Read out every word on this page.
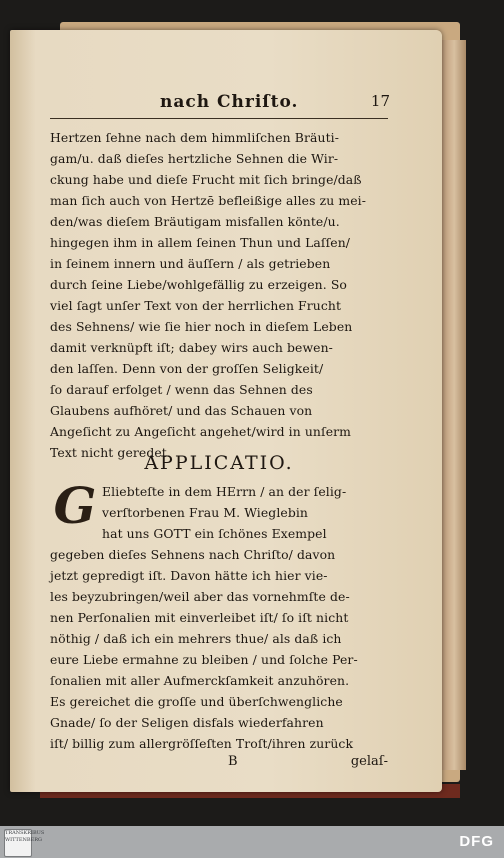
nach Chriſto.	17
Hertzen ſehne nach dem himmliſchen Bräuti-
gam/u. daß dieſes hertzliche Sehnen die Wir-
ckung habe und dieſe Frucht mit ſich bringe/daß
man ſich auch von Hertzē befleißige alles zu mei-
den/was dieſem Bräutigam misfallen köntе/u.
hingegen ihm in allem ſeinen Thun und Laſſen/
in ſeinem innern und äuſſern / als getrieben
durch ſeine Liebe/wohlgefällig zu erzeigen. So
viel ſagt unſer Text von der herrlichen Frucht
des Sehnens/ wie ſie hier noch in dieſem Leben
damit verknüpft iſt; dabey wirs auch bewen-
den laſſen. Denn von der groſſen Seligkeit/
ſo darauf erfolget / wenn das Sehnen des
Glaubens aufhöret/ und das Schauen von
Angeſicht zu Angeſicht angehet/wird in unſerm
Text nicht geredet.
APPLICATIO.
G Eliebteſte in dem HErrn / an der ſelig-
verſtorbenen Frau M. Wieglebin
hat uns GOTT ein ſchönes Exempel
gegeben dieſes Sehnens nach Chriſto/ davon
jetzt gepredigt iſt. Davon hätte ich hier vie-
les beyzubringen/weil aber das vornehmſte de-
nen Perſonalien mit einverleibet iſt/ ſo iſt nicht
nöthig / daß ich ein mehrers thue/ als daß ich
eure Liebe ermahne zu bleiben / und ſolche Per-
ſonalien mit aller Aufmerckſamkeit anzuhören.
Es gereichet die groſſe und überſchwengliche
Gnade/ ſo der Seligen disfals wiederfahren
iſt/ billig zum allergröſſeſten Troſt/ihren zurück
B	gelaſ-
TRANSKRIBUS WITTENBERG	DFG
